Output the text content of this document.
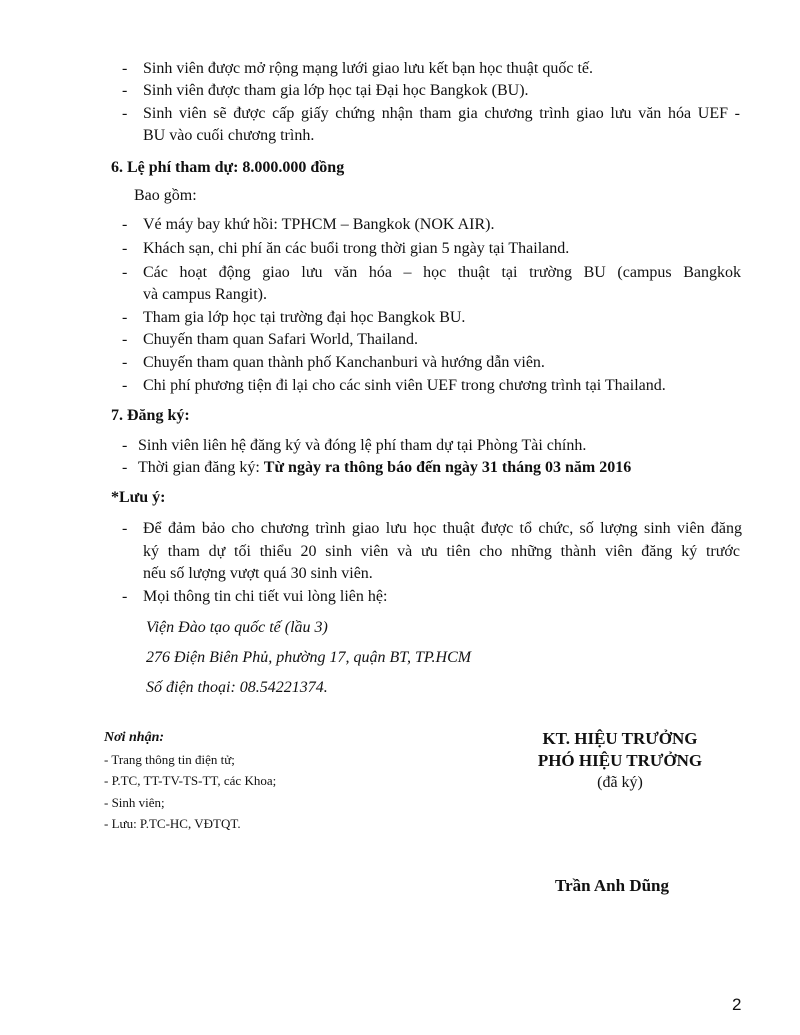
- Sinh viên được mở rộng mạng lưới giao lưu kết bạn học thuật quốc tế.
- Sinh viên được tham gia lớp học tại Đại học Bangkok (BU).
- Sinh viên sẽ được cấp giấy chứng nhận tham gia chương trình giao lưu văn hóa UEF -
BU vào cuối chương trình.
6. Lệ phí tham dự: 8.000.000 đồng
Bao gồm:
- Vé máy bay khứ hồi: TPHCM – Bangkok (NOK AIR).
- Khách sạn, chi phí ăn các buổi trong thời gian 5 ngày tại Thailand.
- Các hoạt động giao lưu văn hóa – học thuật tại trường BU (campus Bangkok
và campus Rangit).
- Tham gia lớp học tại trường đại học Bangkok BU.
- Chuyến tham quan Safari World, Thailand.
- Chuyến tham quan thành phố Kanchanburi và hướng dẫn viên.
- Chi phí phương tiện đi lại cho các sinh viên UEF trong chương trình tại Thailand.
7. Đăng ký:
- Sinh viên liên hệ đăng ký và đóng lệ phí tham dự tại Phòng Tài chính.
- Thời gian đăng ký: Từ ngày ra thông báo đến ngày 31 tháng 03 năm 2016
*Lưu ý:
- Để đảm bảo cho chương trình giao lưu học thuật được tổ chức, số lượng sinh viên đăng
ký tham dự tối thiểu 20 sinh viên và ưu tiên cho những thành viên đăng ký trước
nếu số lượng vượt quá 30 sinh viên.
- Mọi thông tin chi tiết vui lòng liên hệ:
Viện Đào tạo quốc tế (lầu 3)
276 Điện Biên Phủ, phường 17, quận BT, TP.HCM
Số điện thoại: 08.54221374.
Nơi nhận:
- Trang thông tin điện tử;
- P.TC, TT-TV-TS-TT, các Khoa;
- Sinh viên;
- Lưu: P.TC-HC, VĐTQT.
KT. HIỆU TRƯỞNG
PHÓ HIỆU TRƯỞNG
(đã ký)
Trần Anh Dũng
2
